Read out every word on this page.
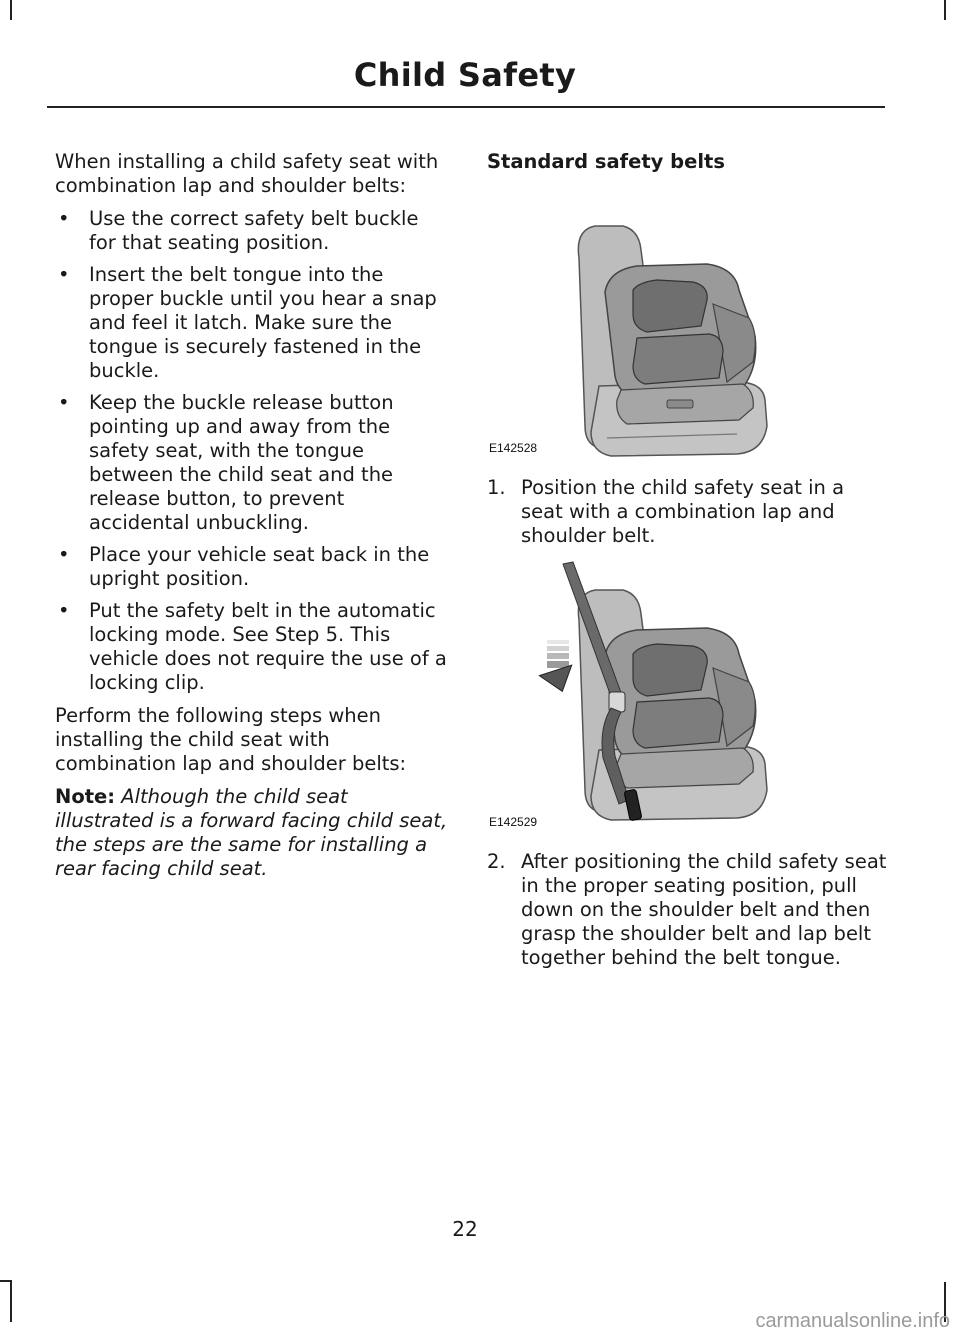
Child Safety

When installing a child safety seat with combination lap and shoulder belts:

• Use the correct safety belt buckle for that seating position.
• Insert the belt tongue into the proper buckle until you hear a snap and feel it latch. Make sure the tongue is securely fastened in the buckle.
• Keep the buckle release button pointing up and away from the safety seat, with the tongue between the child seat and the release button, to prevent accidental unbuckling.
• Place your vehicle seat back in the upright position.
• Put the safety belt in the automatic locking mode. See Step 5. This vehicle does not require the use of a locking clip.

Perform the following steps when installing the child seat with combination lap and shoulder belts:

Note: Although the child seat illustrated is a forward facing child seat, the steps are the same for installing a rear facing child seat.

Standard safety belts

E142528
1. Position the child safety seat in a seat with a combination lap and shoulder belt.
E142529
2. After positioning the child safety seat in the proper seating position, pull down on the shoulder belt and then grasp the shoulder belt and lap belt together behind the belt tongue.
22
carmanualsonline.info
